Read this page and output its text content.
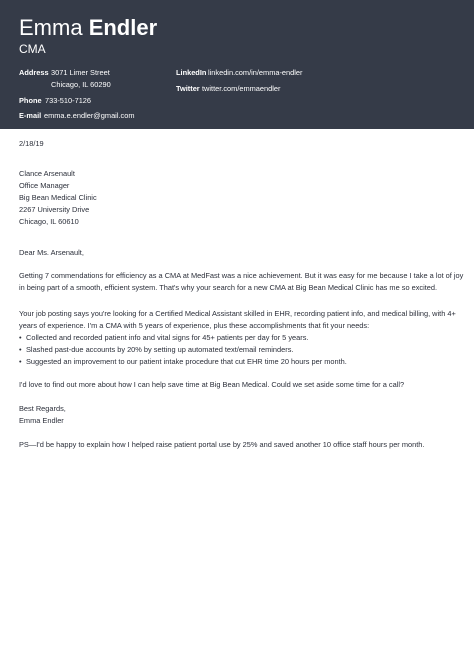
Emma Endler
CMA
Address 3071 Limer Street
Chicago, IL 60290
Phone 733-510-7126
E-mail emma.e.endler@gmail.com
LinkedIn linkedin.com/in/emma-endler
Twitter twitter.com/emmaendler
2/18/19
Clance Arsenault
Office Manager
Big Bean Medical Clinic
2267 University Drive
Chicago, IL 60610
Dear Ms. Arsenault,
Getting 7 commendations for efficiency as a CMA at MedFast was a nice achievement. But it was easy for me because I take a lot of joy
in being part of a smooth, efficient system. That's why your search for a new CMA at Big Bean Medical Clinic has me so excited.
Your job posting says you're looking for a Certified Medical Assistant skilled in EHR, recording patient info, and medical billing, with 4+
years of experience. I'm a CMA with 5 years of experience, plus these accomplishments that fit your needs:
• Collected and recorded patient info and vital signs for 45+ patients per day for 5 years.
• Slashed past-due accounts by 20% by setting up automated text/email reminders.
• Suggested an improvement to our patient intake procedure that cut EHR time 20 hours per month.
I'd love to find out more about how I can help save time at Big Bean Medical. Could we set aside some time for a call?
Best Regards,
Emma Endler
PS—I'd be happy to explain how I helped raise patient portal use by 25% and saved another 10 office staff hours per month.
